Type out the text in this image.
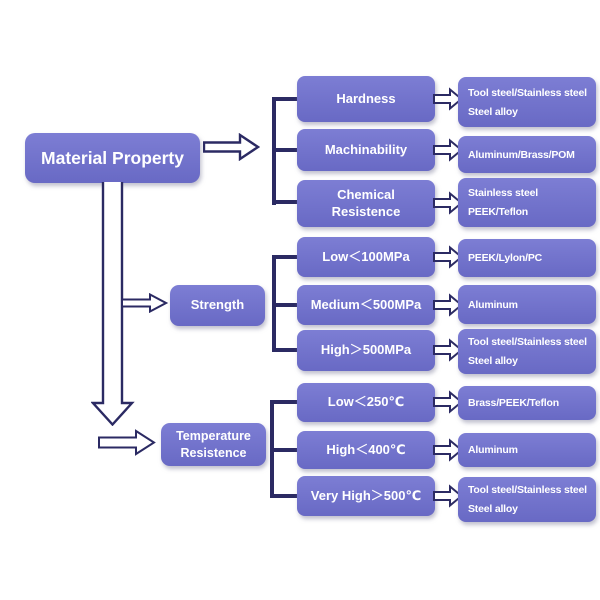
Material Property
Hardness	Tool steel/Stainless steel
Steel alloy
Machinability	Aluminum/Brass/POM
Chemical Resistence
Stainless steel
PEEK/Teflon
Strength
Low＜100MPa	PEEK/Lylon/PC
Medium＜500MPa	Aluminum
High＞500MPa
Tool steel/Stainless steel
Steel alloy
Temperature Resistence
Low＜250℃	Brass/PEEK/Teflon
High＜400℃	Aluminum
Very High＞500℃	Tool steel/Stainless steel
Steel alloy
